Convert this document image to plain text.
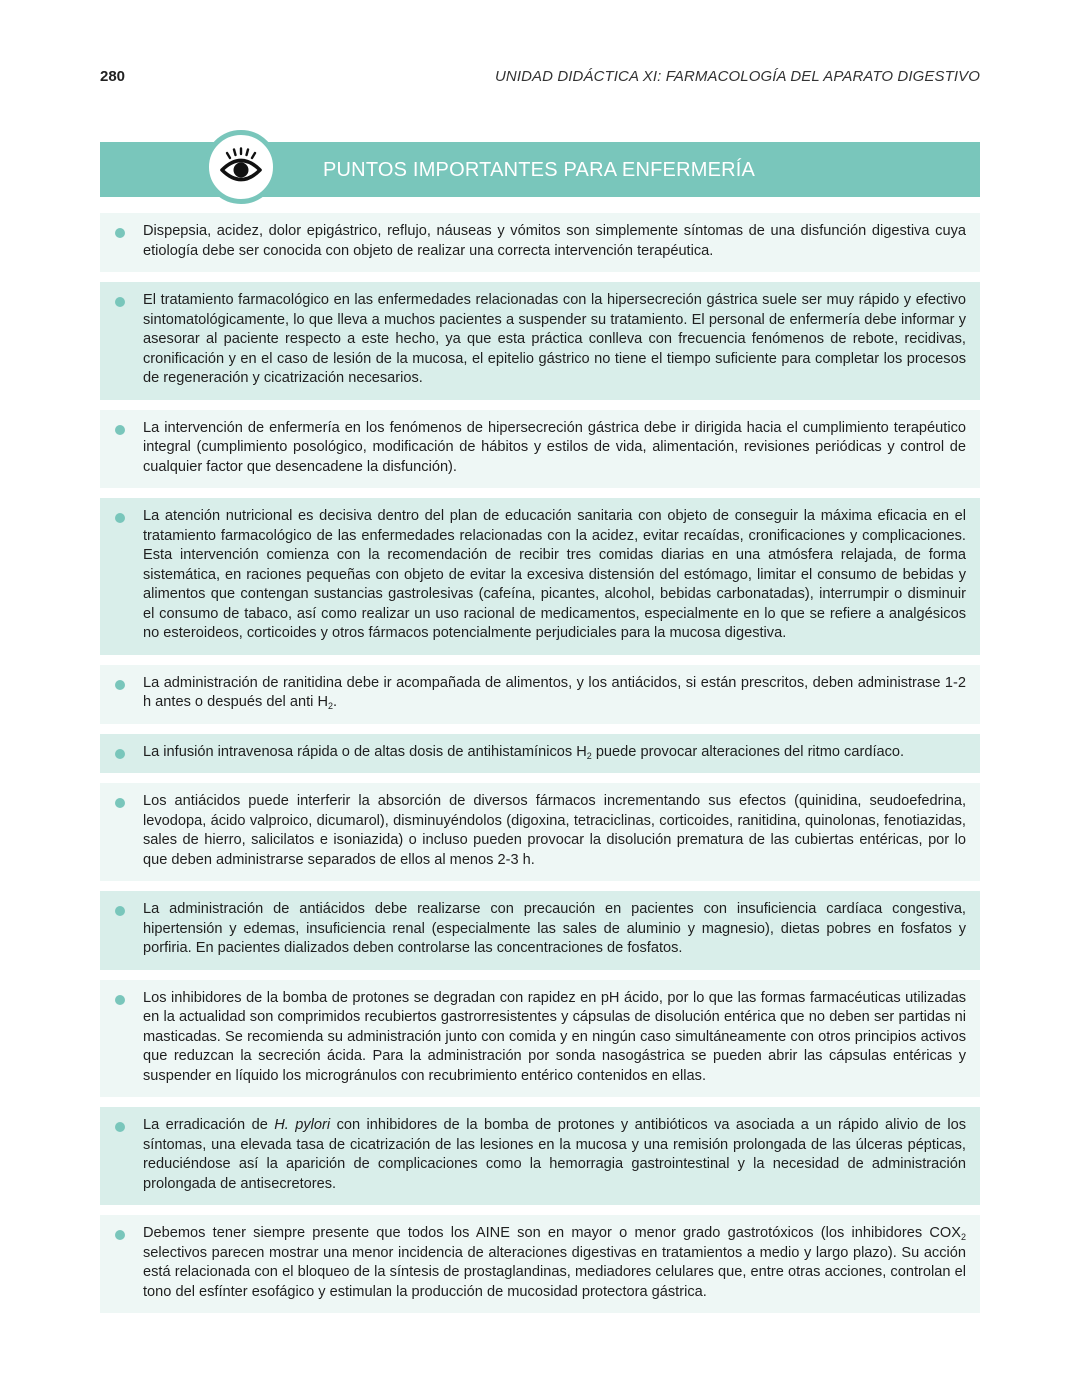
280	UNIDAD DIDÁCTICA XI: FARMACOLOGÍA DEL APARATO DIGESTIVO
PUNTOS IMPORTANTES PARA ENFERMERÍA
Dispepsia, acidez, dolor epigástrico, reflujo, náuseas y vómitos son simplemente síntomas de una disfunción digestiva cuya etiología debe ser conocida con objeto de realizar una correcta intervención terapéutica.
El tratamiento farmacológico en las enfermedades relacionadas con la hipersecreción gástrica suele ser muy rápido y efectivo sintomatológicamente, lo que lleva a muchos pacientes a suspender su tratamiento. El personal de enfermería debe informar y asesorar al paciente respecto a este hecho, ya que esta práctica conlleva con frecuencia fenómenos de rebote, recidivas, cronificación y en el caso de lesión de la mucosa, el epitelio gástrico no tiene el tiempo suficiente para completar los procesos de regeneración y cicatrización necesarios.
La intervención de enfermería en los fenómenos de hipersecreción gástrica debe ir dirigida hacia el cumplimiento terapéutico integral (cumplimiento posológico, modificación de hábitos y estilos de vida, alimentación, revisiones periódicas y control de cualquier factor que desencadene la disfunción).
La atención nutricional es decisiva dentro del plan de educación sanitaria con objeto de conseguir la máxima eficacia en el tratamiento farmacológico de las enfermedades relacionadas con la acidez, evitar recaídas, cronificaciones y complicaciones. Esta intervención comienza con la recomendación de recibir tres comidas diarias en una atmósfera relajada, de forma sistemática, en raciones pequeñas con objeto de evitar la excesiva distensión del estómago, limitar el consumo de bebidas y alimentos que contengan sustancias gastrolesivas (cafeína, picantes, alcohol, bebidas carbonatadas), interrumpir o disminuir el consumo de tabaco, así como realizar un uso racional de medicamentos, especialmente en lo que se refiere a analgésicos no esteroideos, corticoides y otros fármacos potencialmente perjudiciales para la mucosa digestiva.
La administración de ranitidina debe ir acompañada de alimentos, y los antiácidos, si están prescritos, deben administrase 1-2 h antes o después del anti $H_2$.
La infusión intravenosa rápida o de altas dosis de antihistamínicos $H_2$ puede provocar alteraciones del ritmo cardíaco.
Los antiácidos puede interferir la absorción de diversos fármacos incrementando sus efectos (quinidina, seudoefedrina, levodopa, ácido valproico, dicumarol), disminuyéndolos (digoxina, tetraciclinas, corticoides, ranitidina, quinolonas, fenotiazidas, sales de hierro, salicilatos e isoniazida) o incluso pueden provocar la disolución prematura de las cubiertas entéricas, por lo que deben administrarse separados de ellos al menos 2-3 h.
La administración de antiácidos debe realizarse con precaución en pacientes con insuficiencia cardíaca congestiva, hipertensión y edemas, insuficiencia renal (especialmente las sales de aluminio y magnesio), dietas pobres en fosfatos y porfiria. En pacientes dializados deben controlarse las concentraciones de fosfatos.
Los inhibidores de la bomba de protones se degradan con rapidez en pH ácido, por lo que las formas farmacéuticas utilizadas en la actualidad son comprimidos recubiertos gastrorresistentes y cápsulas de disolución entérica que no deben ser partidas ni masticadas. Se recomienda su administración junto con comida y en ningún caso simultáneamente con otros principios activos que reduzcan la secreción ácida. Para la administración por sonda nasogástrica se pueden abrir las cápsulas entéricas y suspender en líquido los microgránulos con recubrimiento entérico contenidos en ellas.
La erradicación de H. pylori con inhibidores de la bomba de protones y antibióticos va asociada a un rápido alivio de los síntomas, una elevada tasa de cicatrización de las lesiones en la mucosa y una remisión prolongada de las úlceras pépticas, reduciéndose así la aparición de complicaciones como la hemorragia gastrointestinal y la necesidad de administración prolongada de antisecretores.
Debemos tener siempre presente que todos los AINE son en mayor o menor grado gastrotóxicos (los inhibidores $COX_2$ selectivos parecen mostrar una menor incidencia de alteraciones digestivas en tratamientos a medio y largo plazo). Su acción está relacionada con el bloqueo de la síntesis de prostaglandinas, mediadores celulares que, entre otras acciones, controlan el tono del esfínter esofágico y estimulan la producción de mucosidad protectora gástrica.
